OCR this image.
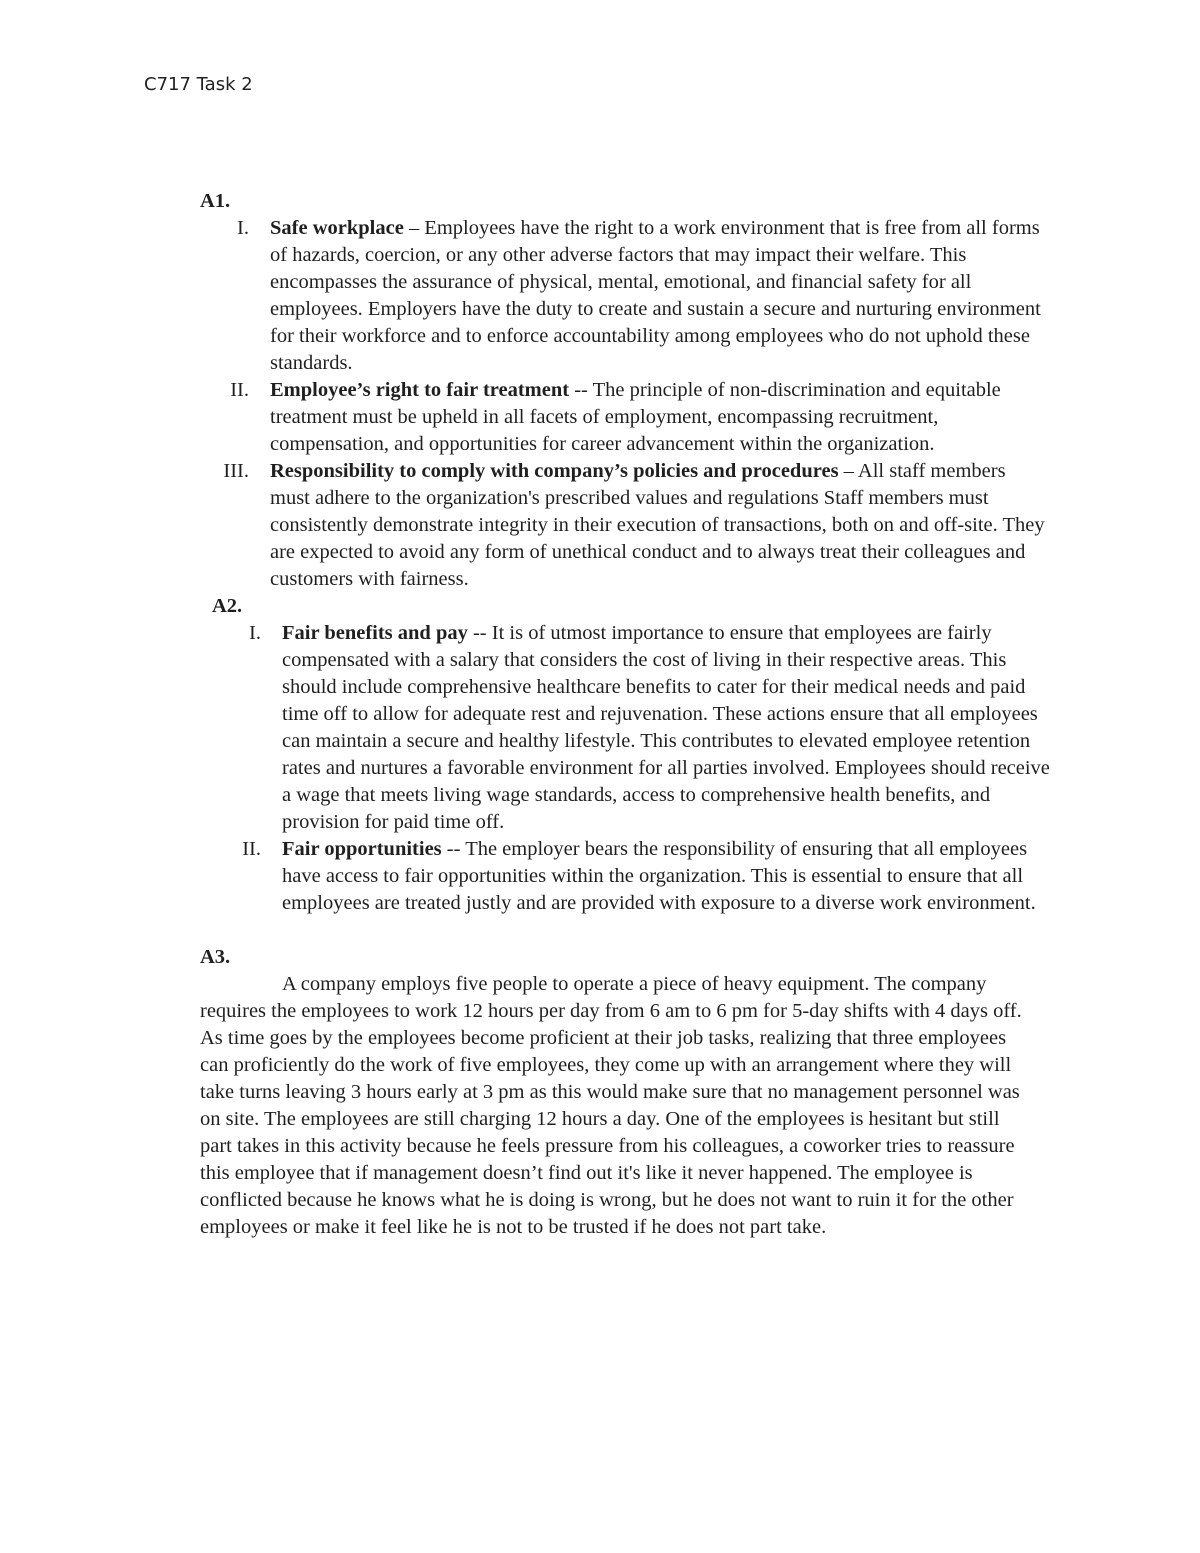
C717 Task 2

A1.

I.	Safe workplace – Employees have the right to a work environment that is free from all forms of hazards, coercion, or any other adverse factors that may impact their welfare. This encompasses the assurance of physical, mental, emotional, and financial safety for all employees. Employers have the duty to create and sustain a secure and nurturing environment for their workforce and to enforce accountability among employees who do not uphold these standards.
II.	Employee’s right to fair treatment -- The principle of non-discrimination and equitable treatment must be upheld in all facets of employment, encompassing recruitment, compensation, and opportunities for career advancement within the organization.
III.	Responsibility to comply with company’s policies and procedures – All staff members must adhere to the organization's prescribed values and regulations Staff members must consistently demonstrate integrity in their execution of transactions, both on and off-site. They are expected to avoid any form of unethical conduct and to always treat their colleagues and customers with fairness.

A2.

I.	Fair benefits and pay -- It is of utmost importance to ensure that employees are fairly compensated with a salary that considers the cost of living in their respective areas. This should include comprehensive healthcare benefits to cater for their medical needs and paid time off to allow for adequate rest and rejuvenation. These actions ensure that all employees can maintain a secure and healthy lifestyle. This contributes to elevated employee retention rates and nurtures a favorable environment for all parties involved. Employees should receive a wage that meets living wage standards, access to comprehensive health benefits, and provision for paid time off.
II.	Fair opportunities -- The employer bears the responsibility of ensuring that all employees have access to fair opportunities within the organization. This is essential to ensure that all employees are treated justly and are provided with exposure to a diverse work environment.

A3.

A company employs five people to operate a piece of heavy equipment. The company requires the employees to work 12 hours per day from 6 am to 6 pm for 5-day shifts with 4 days off. As time goes by the employees become proficient at their job tasks, realizing that three employees can proficiently do the work of five employees, they come up with an arrangement where they will take turns leaving 3 hours early at 3 pm as this would make sure that no management personnel was on site. The employees are still charging 12 hours a day. One of the employees is hesitant but still part takes in this activity because he feels pressure from his colleagues, a coworker tries to reassure this employee that if management doesn’t find out it's like it never happened. The employee is conflicted because he knows what he is doing is wrong, but he does not want to ruin it for the other employees or make it feel like he is not to be trusted if he does not part take.
